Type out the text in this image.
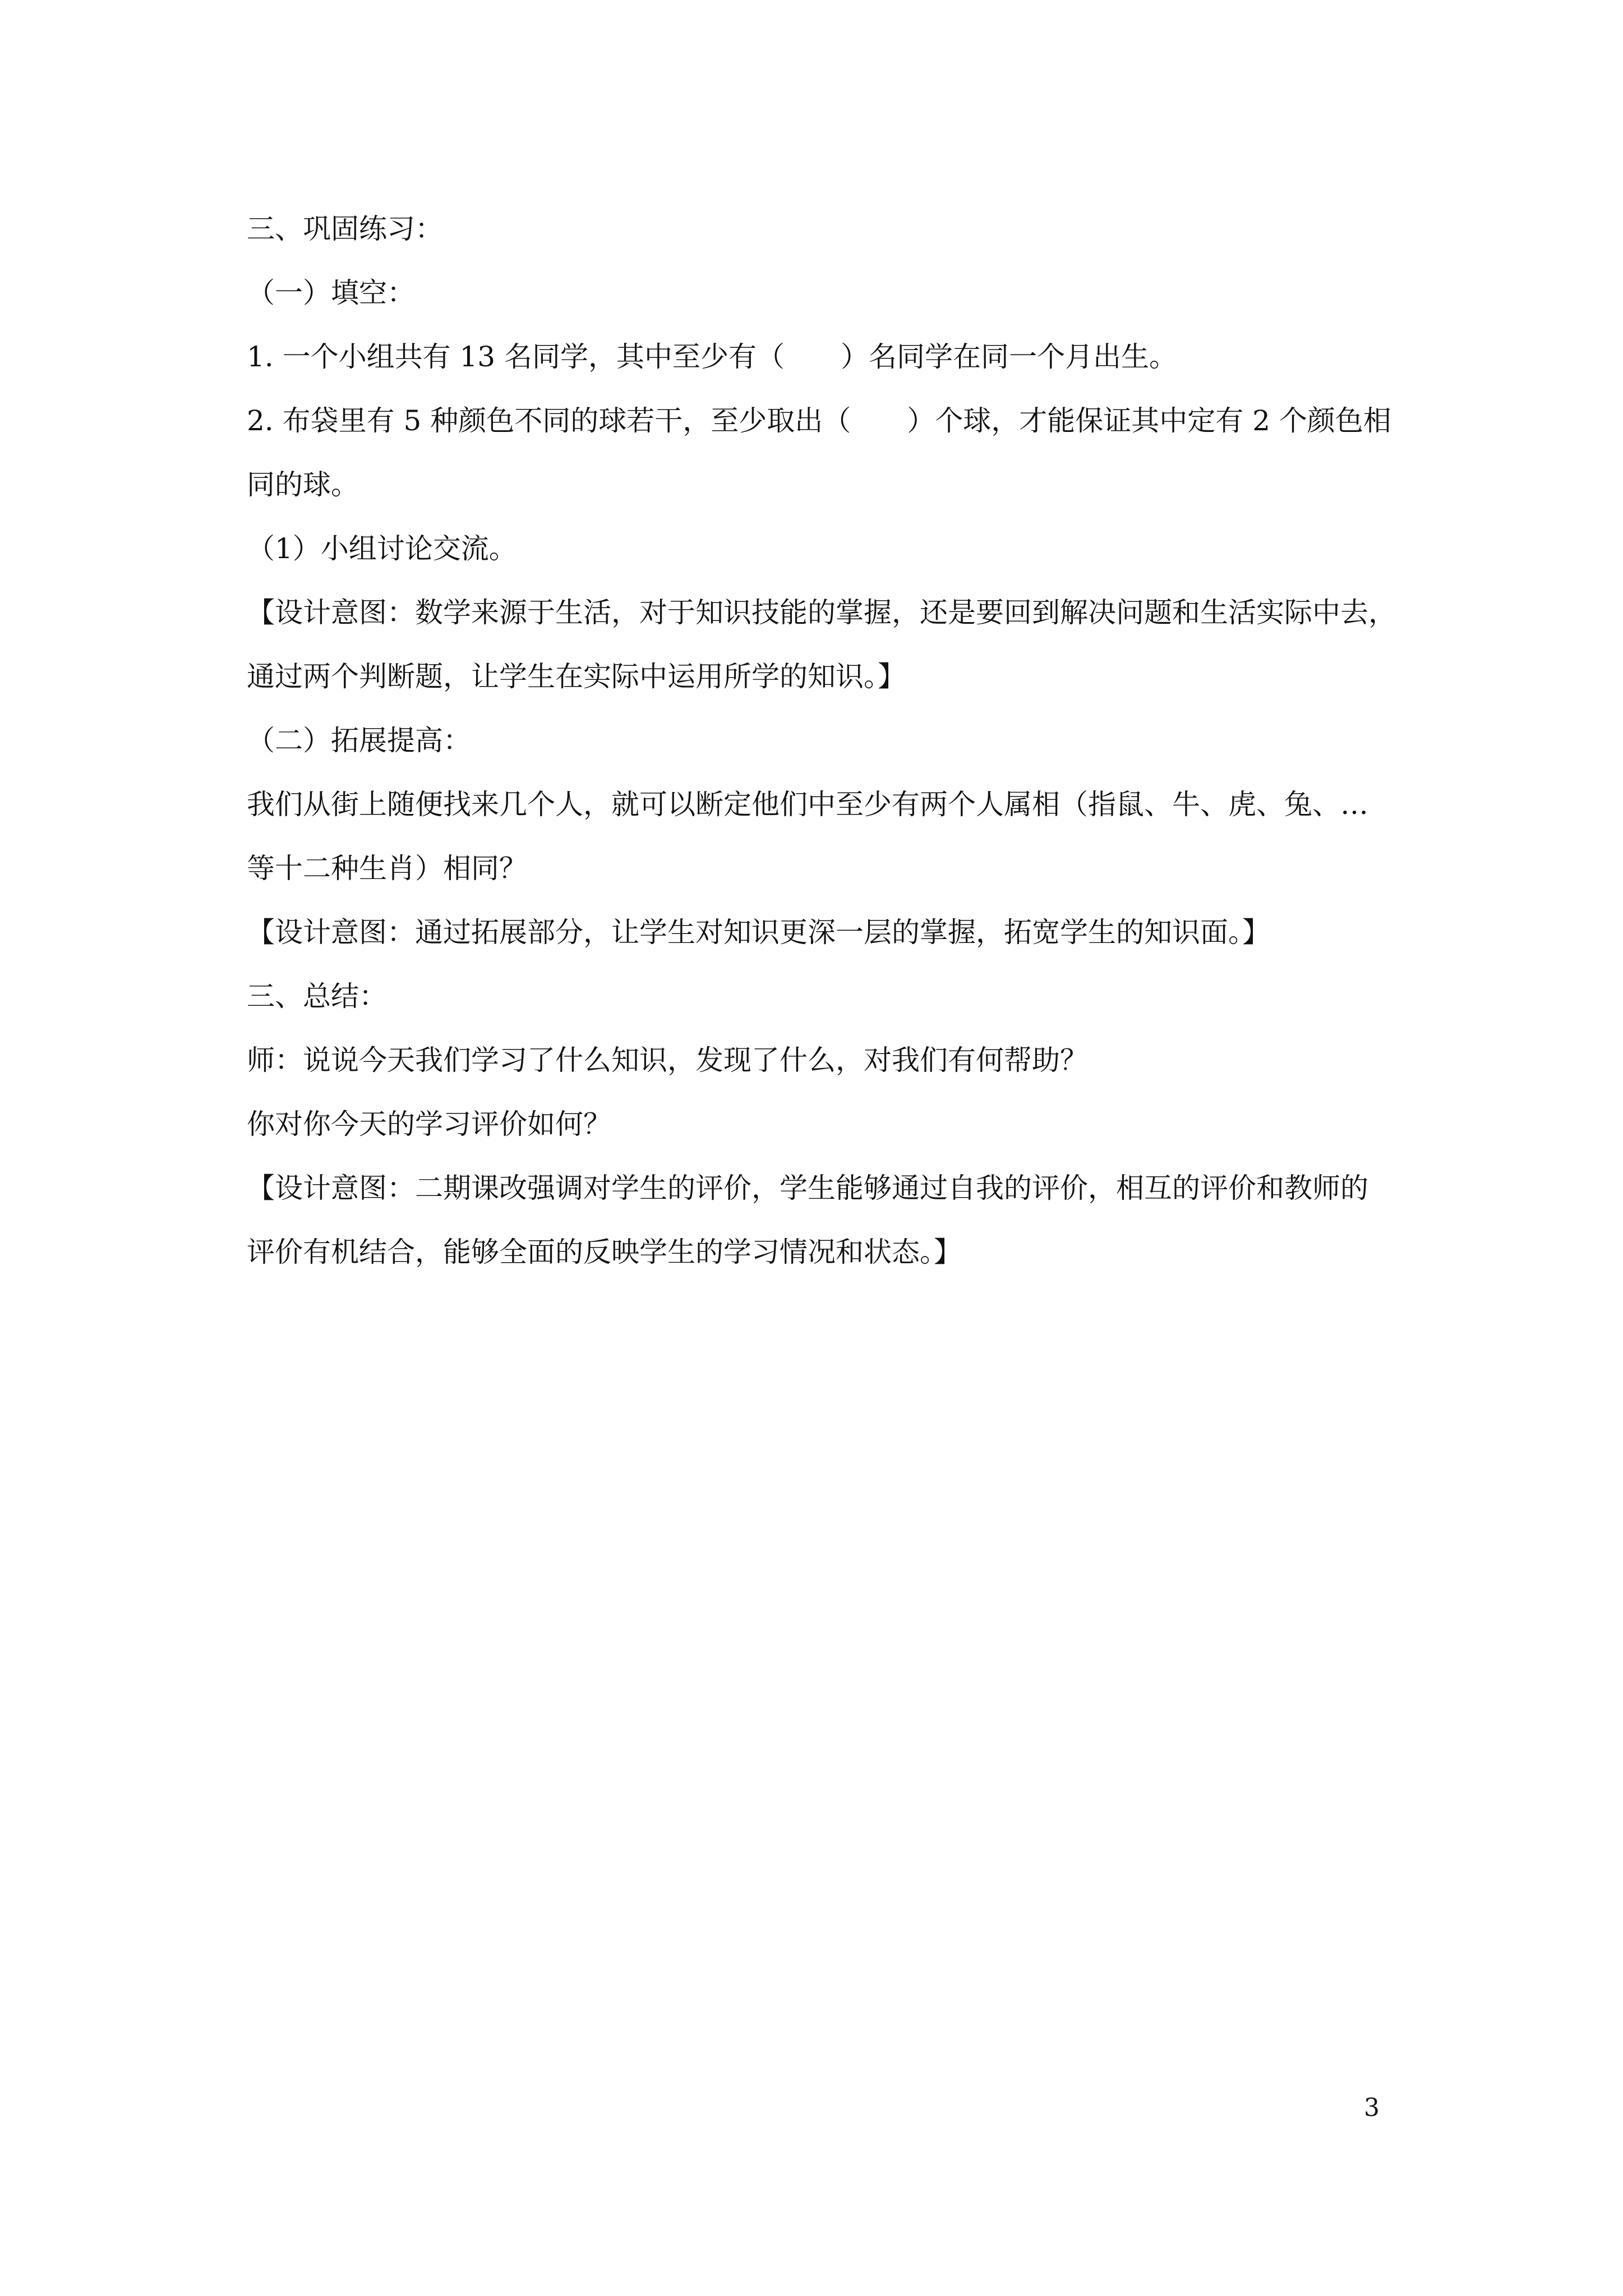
三、巩固练习：
（一）填空：
1. 一个小组共有 13 名同学，其中至少有（　　）名同学在同一个月出生。
2. 布袋里有 5 种颜色不同的球若干，至少取出（　　）个球，才能保证其中定有 2 个颜色相
同的球。
（1）小组讨论交流。
【设计意图：数学来源于生活，对于知识技能的掌握，还是要回到解决问题和生活实际中去，
通过两个判断题，让学生在实际中运用所学的知识。】
（二）拓展提高：
我们从街上随便找来几个人，就可以断定他们中至少有两个人属相（指鼠、牛、虎、兔、…
等十二种生肖）相同？
【设计意图：通过拓展部分，让学生对知识更深一层的掌握，拓宽学生的知识面。】
三、总结：
师：说说今天我们学习了什么知识，发现了什么，对我们有何帮助？
你对你今天的学习评价如何？
【设计意图：二期课改强调对学生的评价，学生能够通过自我的评价，相互的评价和教师的
评价有机结合，能够全面的反映学生的学习情况和状态。】
3
